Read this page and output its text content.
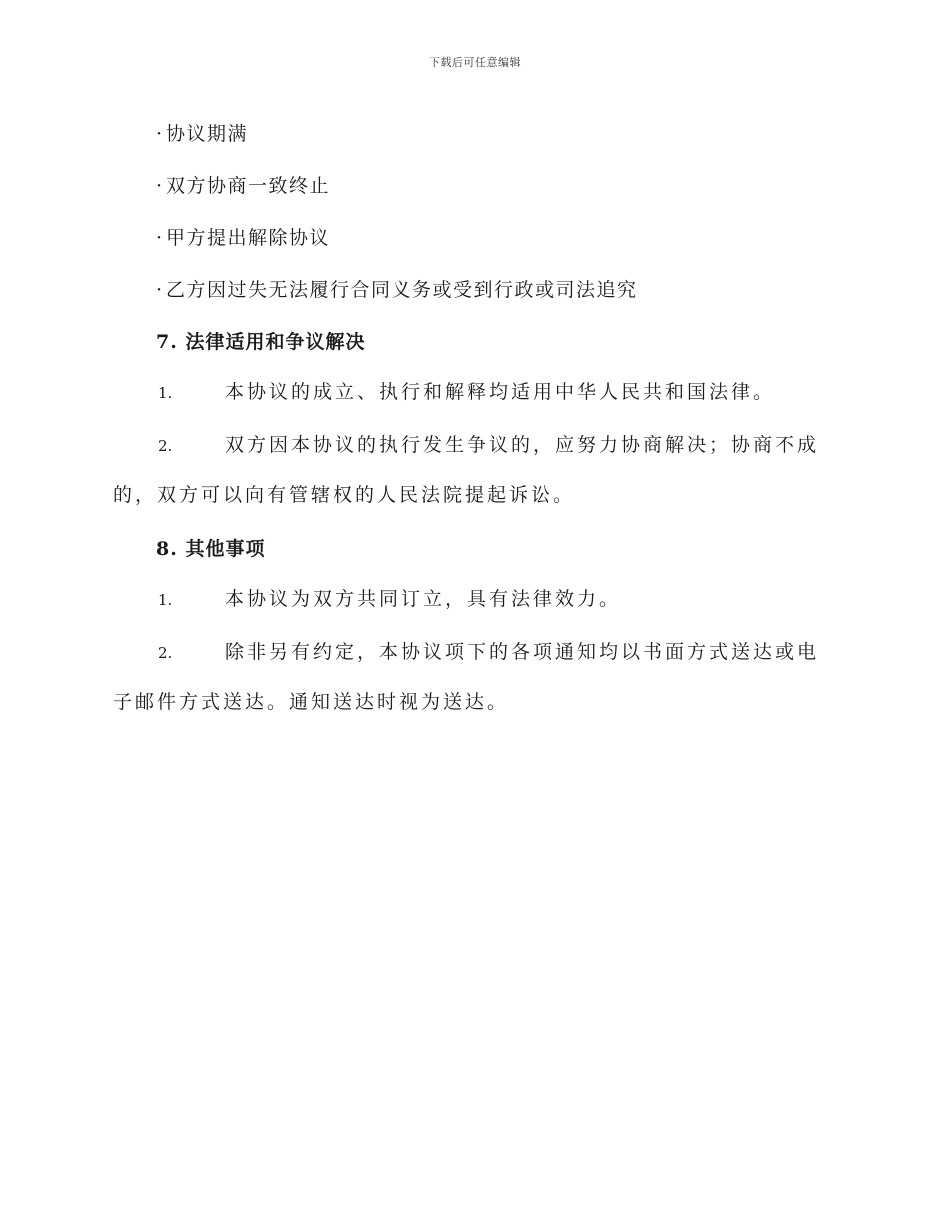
下载后可任意编辑
· 协议期满
· 双方协商一致终止
· 甲方提出解除协议
· 乙方因过失无法履行合同义务或受到行政或司法追究
7. 法律适用和争议解决
1.	本协议的成立、执行和解释均适用中华人民共和国法律。
2.	双方因本协议的执行发生争议的，应努力协商解决；协商不成的，双方可以向有管辖权的人民法院提起诉讼。
8. 其他事项
1.	本协议为双方共同订立，具有法律效力。
2.	除非另有约定，本协议项下的各项通知均以书面方式送达或电子邮件方式送达。通知送达时视为送达。
